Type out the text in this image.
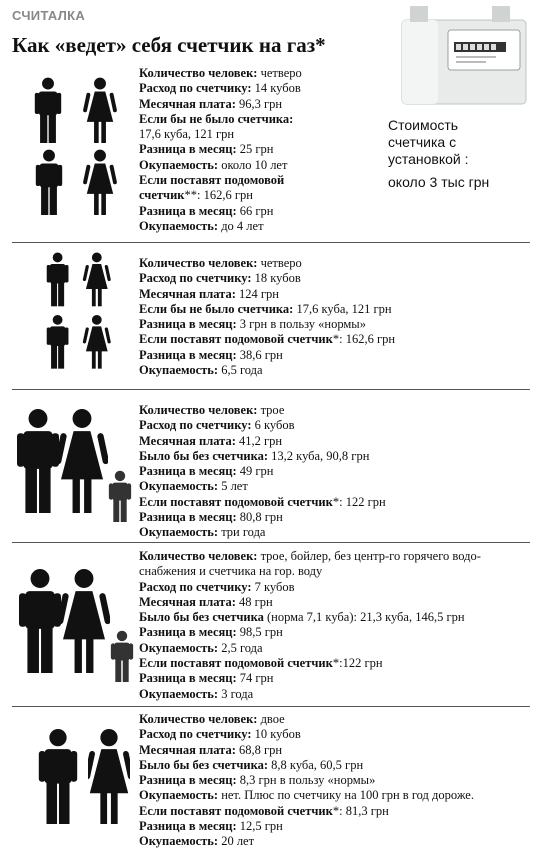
СЧИТАЛКА
Как «ведет» себя счетчик на газ*
Стоимость
счетчика с
установкой :
около 3 тыс грн
Количество человек: четверо
Расход по счетчику: 14 кубов
Месячная плата: 96,3 грн
Если бы не было счетчика:
17,6 куба, 121 грн
Разница в месяц: 25 грн
Окупаемость: около 10 лет
Если поставят подомовой
счетчик**: 162,6 грн
Разница в месяц: 66 грн
Окупаемость: до 4 лет
Количество человек: четверо
Расход по счетчику: 18 кубов
Месячная плата: 124 грн
Если бы не было счетчика: 17,6 куба, 121 грн
Разница в месяц: 3 грн в пользу «нормы»
Если поставят подомовой счетчик*: 162,6 грн
Разница в месяц: 38,6 грн
Окупаемость: 6,5 года
Количество человек: трое
Расход по счетчику: 6 кубов
Месячная плата: 41,2 грн
Было бы без счетчика: 13,2 куба, 90,8 грн
Разница в месяц: 49 грн
Окупаемость: 5 лет
Если поставят подомовой счетчик*: 122 грн
Разница в месяц: 80,8 грн
Окупаемость: три года
Количество человек: трое, бойлер, без центр-го горячего водо-
снабжения и счетчика на гор. воду
Расход по счетчику: 7 кубов
Месячная плата: 48 грн
Было бы без счетчика (норма 7,1 куба): 21,3 куба, 146,5 грн
Разница в месяц: 98,5 грн
Окупаемость: 2,5 года
Если поставят подомовой счетчик*:122 грн
Разница в месяц: 74 грн
Окупаемость: 3 года
Количество человек: двое
Расход по счетчику: 10 кубов
Месячная плата: 68,8 грн
Было бы без счетчика: 8,8 куба, 60,5 грн
Разница в месяц: 8,3 грн в пользу «нормы»
Окупаемость: нет. Плюс по счетчику на 100 грн в год дороже.
Если поставят подомовой счетчик*: 81,3 грн
Разница в месяц: 12,5 грн
Окупаемость: 20 лет
